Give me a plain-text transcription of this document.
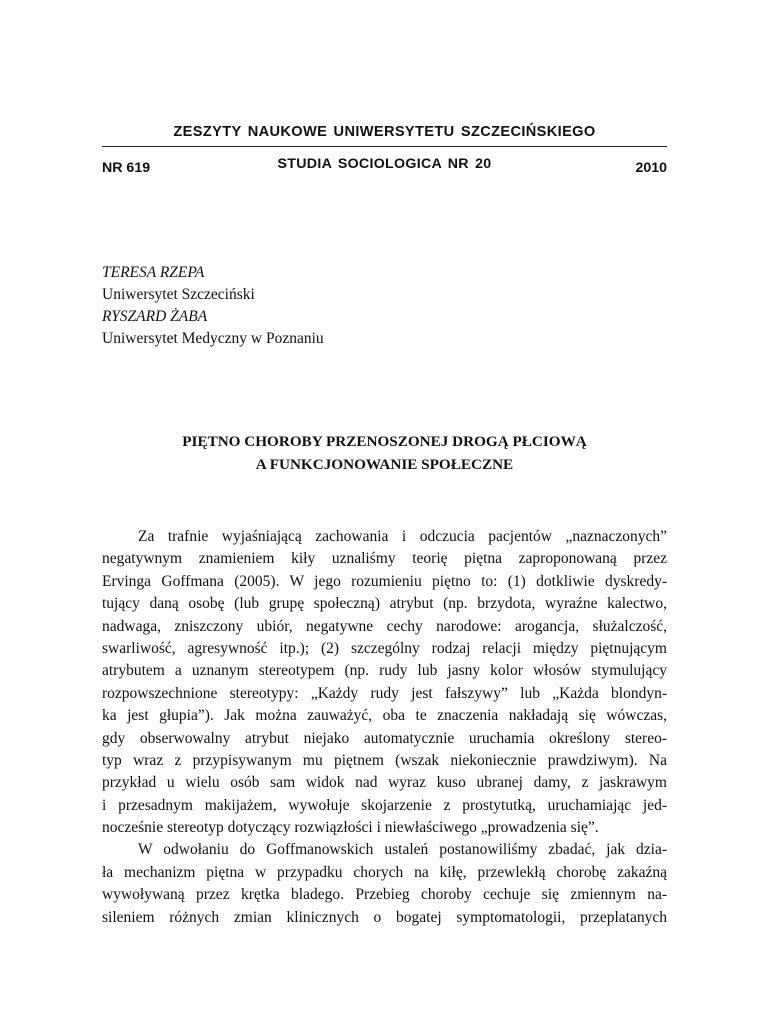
ZESZYTY NAUKOWE UNIWERSYTETU SZCZECIŃSKIEGO
NR 619	STUDIA SOCIOLOGICA NR 20	2010
TERESA RZEPA
Uniwersytet Szczeciński
RYSZARD ŻABA
Uniwersytet Medyczny w Poznaniu
PIĘTNO CHOROBY PRZENOSZONEJ DROGĄ PŁCIOWĄ
A FUNKCJONOWANIE SPOŁECZNE
Za trafnie wyjaśniającą zachowania i odczucia pacjentów „naznaczonych”
negatywnym znamieniem kiły uznaliśmy teorię piętna zaproponowaną przez
Ervinga Goffmana (2005). W jego rozumieniu piętno to: (1) dotkliwie dyskredy-
tujący daną osobę (lub grupę społeczną) atrybut (np. brzydota, wyraźne kalectwo,
nadwaga, zniszczony ubiór, negatywne cechy narodowe: arogancja, służalczość,
swarliwość, agresywność itp.); (2) szczególny rodzaj relacji między piętnującym
atrybutem a uznanym stereotypem (np. rudy lub jasny kolor włosów stymulujący
rozpowszechnione stereotypy: „Każdy rudy jest fałszywy” lub „Każda blondyn-
ka jest głupia”). Jak można zauważyć, oba te znaczenia nakładają się wówczas,
gdy obserwowalny atrybut niejako automatycznie uruchamia określony stereo-
typ wraz z przypisywanym mu piętnem (wszak niekoniecznie prawdziwym). Na
przykład u wielu osób sam widok nad wyraz kuso ubranej damy, z jaskrawym
i przesadnym makijażem, wywołuje skojarzenie z prostytutką, uruchamiając jed-
nocześnie stereotyp dotyczący rozwiązłości i niewłaściwego „prowadzenia się”.
W odwołaniu do Goffmanowskich ustaleń postanowiliśmy zbadać, jak dzia-
ła mechanizm piętna w przypadku chorych na kiłę, przewlekłą chorobę zakaźną
wywoływaną przez krętka bladego. Przebieg choroby cechuje się zmiennym na-
sileniem różnych zmian klinicznych o bogatej symptomatologii, przeplatanych
